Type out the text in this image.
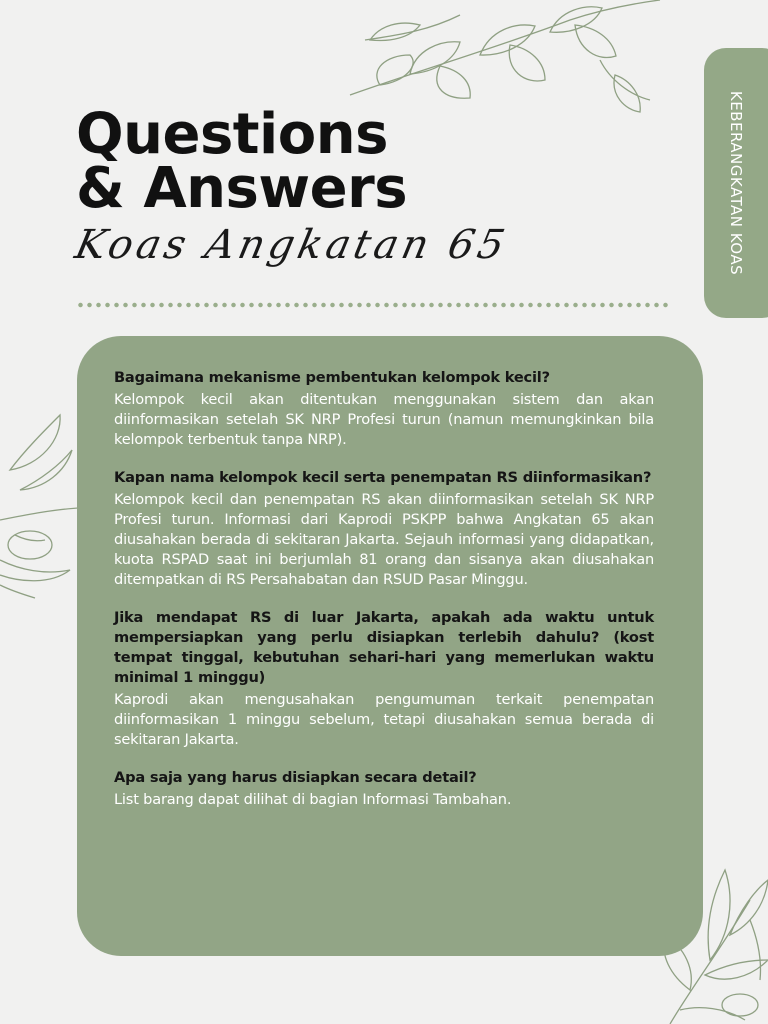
KEBERANGKATAN KOAS
Questions
& Answers
Koas Angkatan 65
Bagaimana mekanisme pembentukan kelompok kecil?
Kelompok kecil akan ditentukan menggunakan sistem dan akan diinformasikan setelah SK NRP Profesi turun (namun memungkinkan bila kelompok terbentuk tanpa NRP).
Kapan nama kelompok kecil serta penempatan RS diinformasikan?
Kelompok kecil dan penempatan RS akan diinformasikan setelah SK NRP Profesi turun. Informasi dari Kaprodi PSKPP bahwa Angkatan 65 akan diusahakan berada di sekitaran Jakarta. Sejauh informasi yang didapatkan, kuota RSPAD saat ini berjumlah 81 orang dan sisanya akan diusahakan ditempatkan di RS Persahabatan dan RSUD Pasar Minggu.
Jika mendapat RS di luar Jakarta, apakah ada waktu untuk mempersiapkan yang perlu disiapkan terlebih dahulu? (kost tempat tinggal, kebutuhan sehari-hari yang memerlukan waktu minimal 1 minggu)
Kaprodi akan mengusahakan pengumuman terkait penempatan diinformasikan 1 minggu sebelum, tetapi diusahakan semua berada di sekitaran Jakarta.
Apa saja yang harus disiapkan secara detail?
List barang dapat dilihat di bagian Informasi Tambahan.
